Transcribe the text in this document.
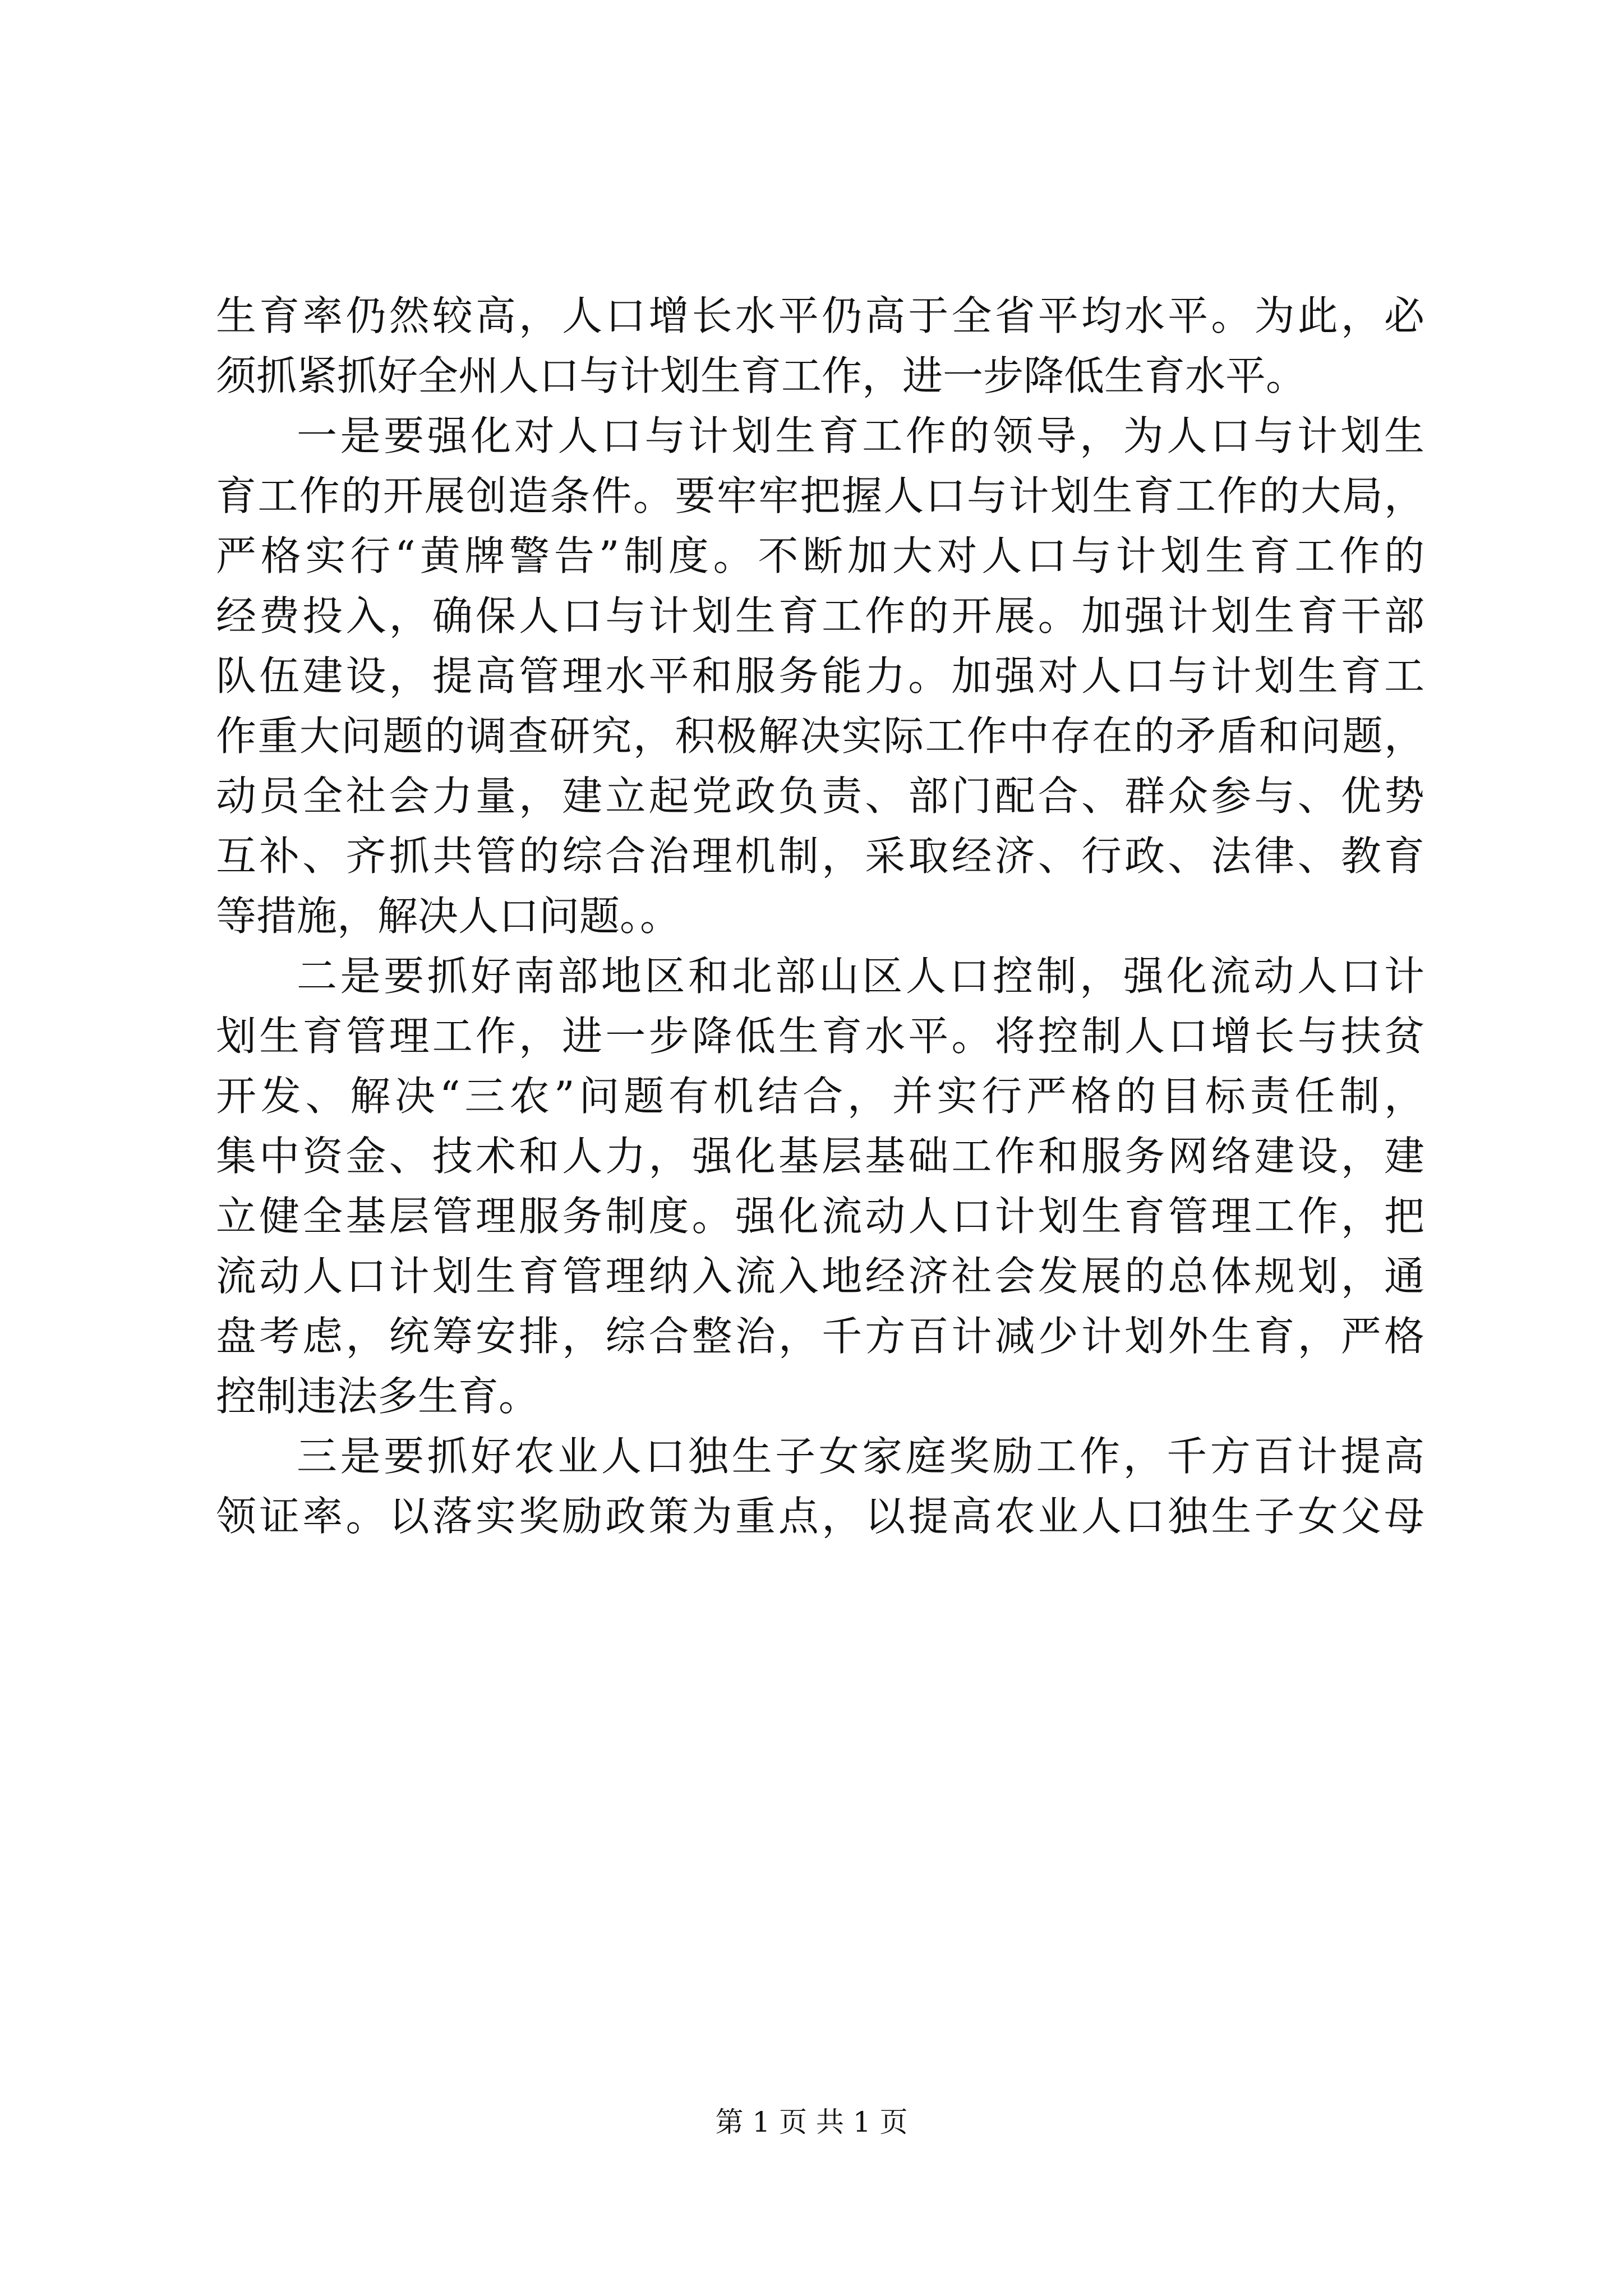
生育率仍然较高，人口增长水平仍高于全省平均水平。为此，必
须抓紧抓好全州人口与计划生育工作，进一步降低生育水平。
一是要强化对人口与计划生育工作的领导，为人口与计划生
育工作的开展创造条件。要牢牢把握人口与计划生育工作的大局，
严格实行“黄牌警告”制度。不断加大对人口与计划生育工作的
经费投入，确保人口与计划生育工作的开展。加强计划生育干部
队伍建设，提高管理水平和服务能力。加强对人口与计划生育工
作重大问题的调查研究，积极解决实际工作中存在的矛盾和问题，
动员全社会力量，建立起党政负责、部门配合、群众参与、优势
互补、齐抓共管的综合治理机制，采取经济、行政、法律、教育
等措施，解决人口问题。。
二是要抓好南部地区和北部山区人口控制，强化流动人口计
划生育管理工作，进一步降低生育水平。将控制人口增长与扶贫
开发、解决“三农”问题有机结合，并实行严格的目标责任制，
集中资金、技术和人力，强化基层基础工作和服务网络建设，建
立健全基层管理服务制度。强化流动人口计划生育管理工作，把
流动人口计划生育管理纳入流入地经济社会发展的总体规划，通
盘考虑，统筹安排，综合整治，千方百计减少计划外生育，严格
控制违法多生育。
三是要抓好农业人口独生子女家庭奖励工作，千方百计提高
领证率。以落实奖励政策为重点，以提高农业人口独生子女父母
第 1 页 共 1 页
